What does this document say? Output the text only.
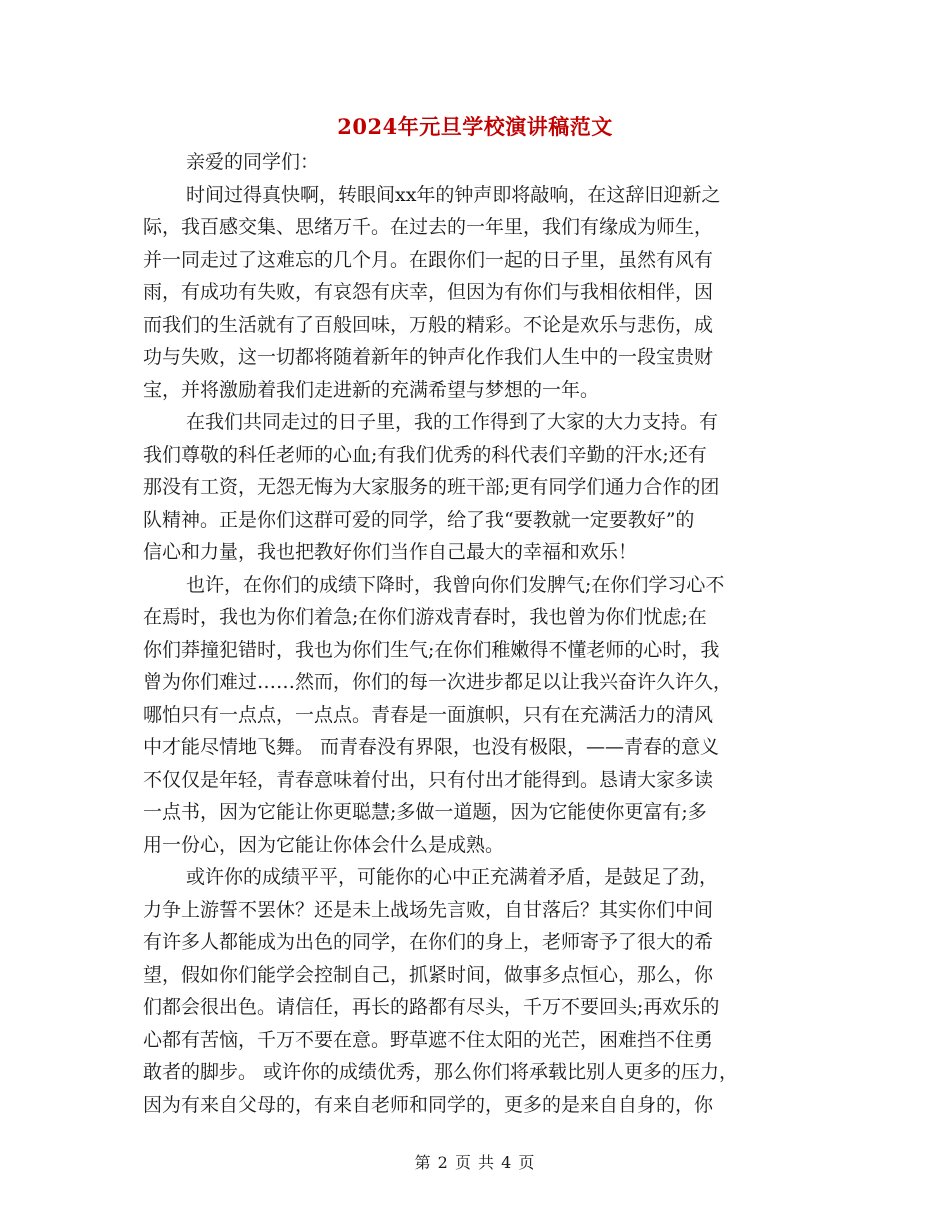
2024年元旦学校演讲稿范文
亲爱的同学们：
时间过得真快啊，转眼间xx年的钟声即将敲响，在这辞旧迎新之
际，我百感交集、思绪万千。在过去的一年里，我们有缘成为师生，
并一同走过了这难忘的几个月。在跟你们一起的日子里，虽然有风有
雨，有成功有失败，有哀怨有庆幸，但因为有你们与我相依相伴，因
而我们的生活就有了百般回味，万般的精彩。不论是欢乐与悲伤，成
功与失败，这一切都将随着新年的钟声化作我们人生中的一段宝贵财
宝，并将激励着我们走进新的充满希望与梦想的一年。
在我们共同走过的日子里，我的工作得到了大家的大力支持。有
我们尊敬的科任老师的心血;有我们优秀的科代表们辛勤的汗水;还有
那没有工资，无怨无悔为大家服务的班干部;更有同学们通力合作的团
队精神。正是你们这群可爱的同学，给了我“要教就一定要教好”的
信心和力量，我也把教好你们当作自己最大的幸福和欢乐！
也许，在你们的成绩下降时，我曾向你们发脾气;在你们学习心不
在焉时，我也为你们着急;在你们游戏青春时，我也曾为你们忧虑;在
你们莽撞犯错时，我也为你们生气;在你们稚嫩得不懂老师的心时，我
曾为你们难过……然而，你们的每一次进步都足以让我兴奋许久许久，
哪怕只有一点点，一点点。青春是一面旗帜，只有在充满活力的清风
中才能尽情地飞舞。 而青春没有界限，也没有极限，——青春的意义
不仅仅是年轻，青春意味着付出，只有付出才能得到。恳请大家多读
一点书，因为它能让你更聪慧;多做一道题，因为它能使你更富有;多
用一份心，因为它能让你体会什么是成熟。
或许你的成绩平平，可能你的心中正充满着矛盾，是鼓足了劲，
力争上游誓不罢休？还是未上战场先言败，自甘落后？其实你们中间
有许多人都能成为出色的同学，在你们的身上，老师寄予了很大的希
望，假如你们能学会控制自己，抓紧时间，做事多点恒心，那么，你
们都会很出色。请信任，再长的路都有尽头，千万不要回头;再欢乐的
心都有苦恼，千万不要在意。野草遮不住太阳的光芒，困难挡不住勇
敢者的脚步。 或许你的成绩优秀，那么你们将承载比别人更多的压力，
因为有来自父母的，有来自老师和同学的，更多的是来自自身的，你
第 2 页 共 4 页
